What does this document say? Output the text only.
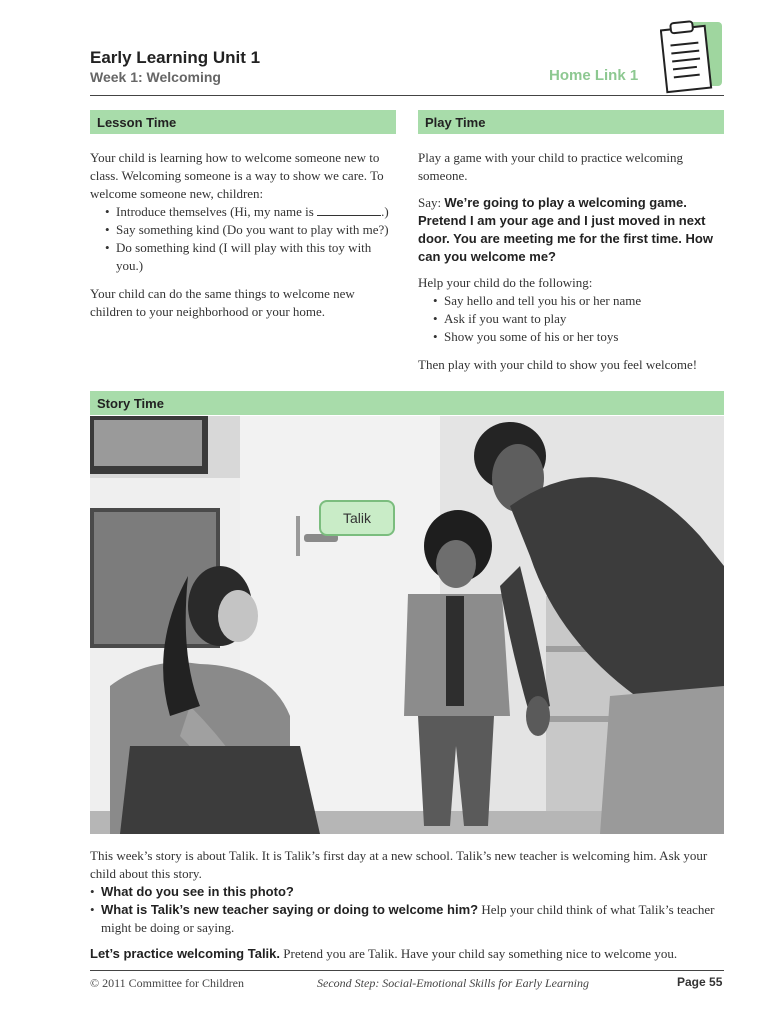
Early Learning Unit 1
Week 1: Welcoming	Home Link 1
Lesson Time

Your child is learning how to welcome someone new to class. Welcoming someone is a way to show we care. To welcome someone new, children:

• Introduce themselves (Hi, my name is	.)

• Say something kind (Do you want to play with me?)

• Do something kind (I will play with this toy with you.)

Your child can do the same things to welcome new children to your neighborhood or your home.

Play Time

Play a game with your child to practice welcoming someone.

Say: We’re going to play a welcoming game. Pretend I am your age and I just moved in next door. You are meeting me for the first time. How can you welcome me?

Help your child do the following:

• Say hello and tell you his or her name

• Ask if you want to play

• Show you some of his or her toys

Then play with your child to show you feel welcome!

Story Time
Talik

This week’s story is about Talik. It is Talik’s first day at a new school. Talik’s new teacher is welcoming him. Ask your child about this story.

• What do you see in this photo?

• What is Talik’s new teacher saying or doing to welcome him? Help your child think of what Talik’s teacher might be doing or saying.

Let’s practice welcoming Talik. Pretend you are Talik. Have your child say something nice to welcome you.

© 2011 Committee for Children	Second Step: Social-Emotional Skills for Early Learning	Page 55
